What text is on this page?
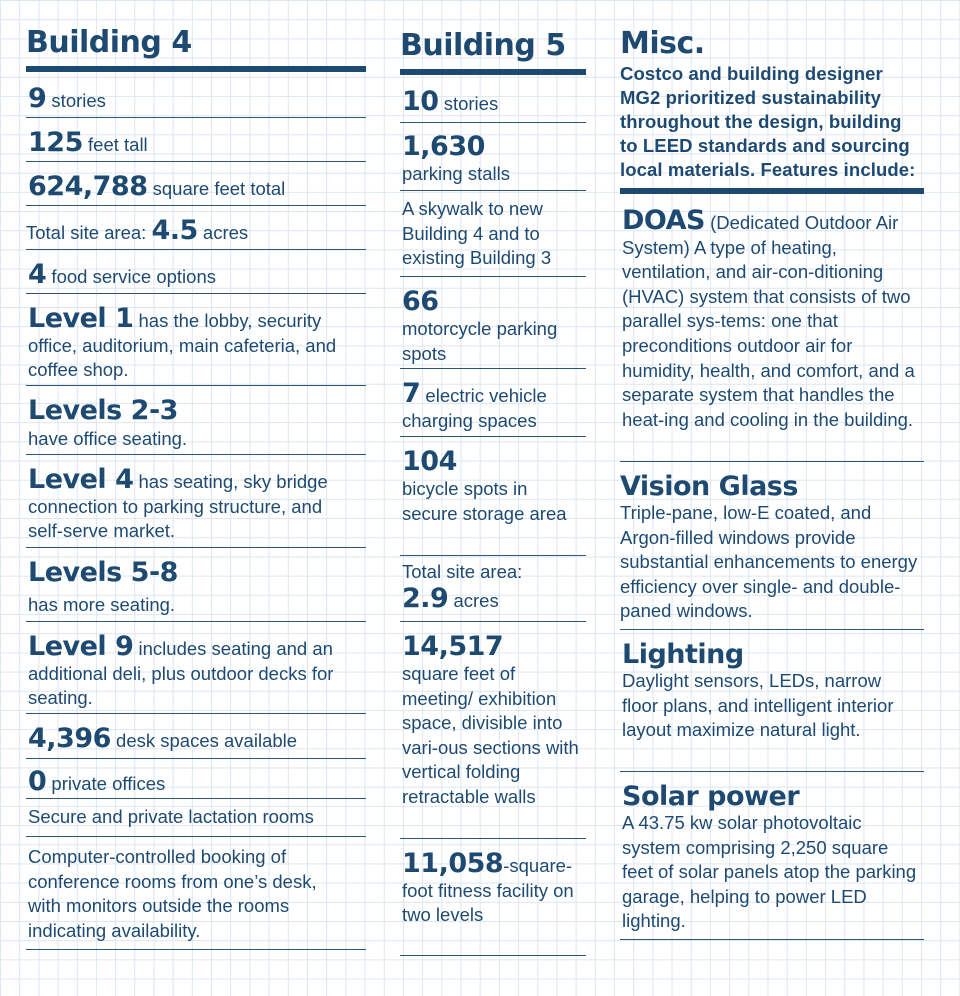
Building 4
9 stories
125 feet tall
624,788 square feet total
Total site area: 4.5 acres
4 food service options
Level 1 has the lobby, security office, auditorium, main cafeteria, and coffee shop.
Levels 2-3
have office seating.
Level 4 has seating, sky bridge connection to parking structure, and self-serve market.
Levels 5-8
has more seating.
Level 9 includes seating and an additional deli, plus outdoor decks for seating.
4,396 desk spaces available
0 private offices
Secure and private lactation rooms
Computer-controlled booking of conference rooms from one’s desk, with monitors outside the rooms indicating availability.
Building 5
10 stories
1,630
parking stalls
A skywalk to new Building 4 and to existing Building 3
66
motorcycle parking spots
7 electric vehicle charging spaces
104
bicycle spots in secure storage area
Total site area:
2.9 acres
14,517
square feet of meeting/ exhibition space, divisible into vari-ous sections with vertical folding retractable walls
11,058-square-foot fitness facility on two levels
Misc.
Costco and building designer MG2 prioritized sustainability throughout the design, building to LEED standards and sourcing local materials. Features include:
DOAS (Dedicated Outdoor Air System) A type of heating, ventilation, and air-con-ditioning (HVAC) system that consists of two parallel sys-tems: one that preconditions outdoor air for humidity, health, and comfort, and a separate system that handles the heat-ing and cooling in the building.
Vision Glass
Triple-pane, low-E coated, and Argon-filled windows provide substantial enhancements to energy efficiency over single- and double-paned windows.
Lighting
Daylight sensors, LEDs, narrow floor plans, and intelligent interior layout maximize natural light.
Solar power
A 43.75 kw solar photovoltaic system comprising 2,250 square feet of solar panels atop the parking garage, helping to power LED lighting.
